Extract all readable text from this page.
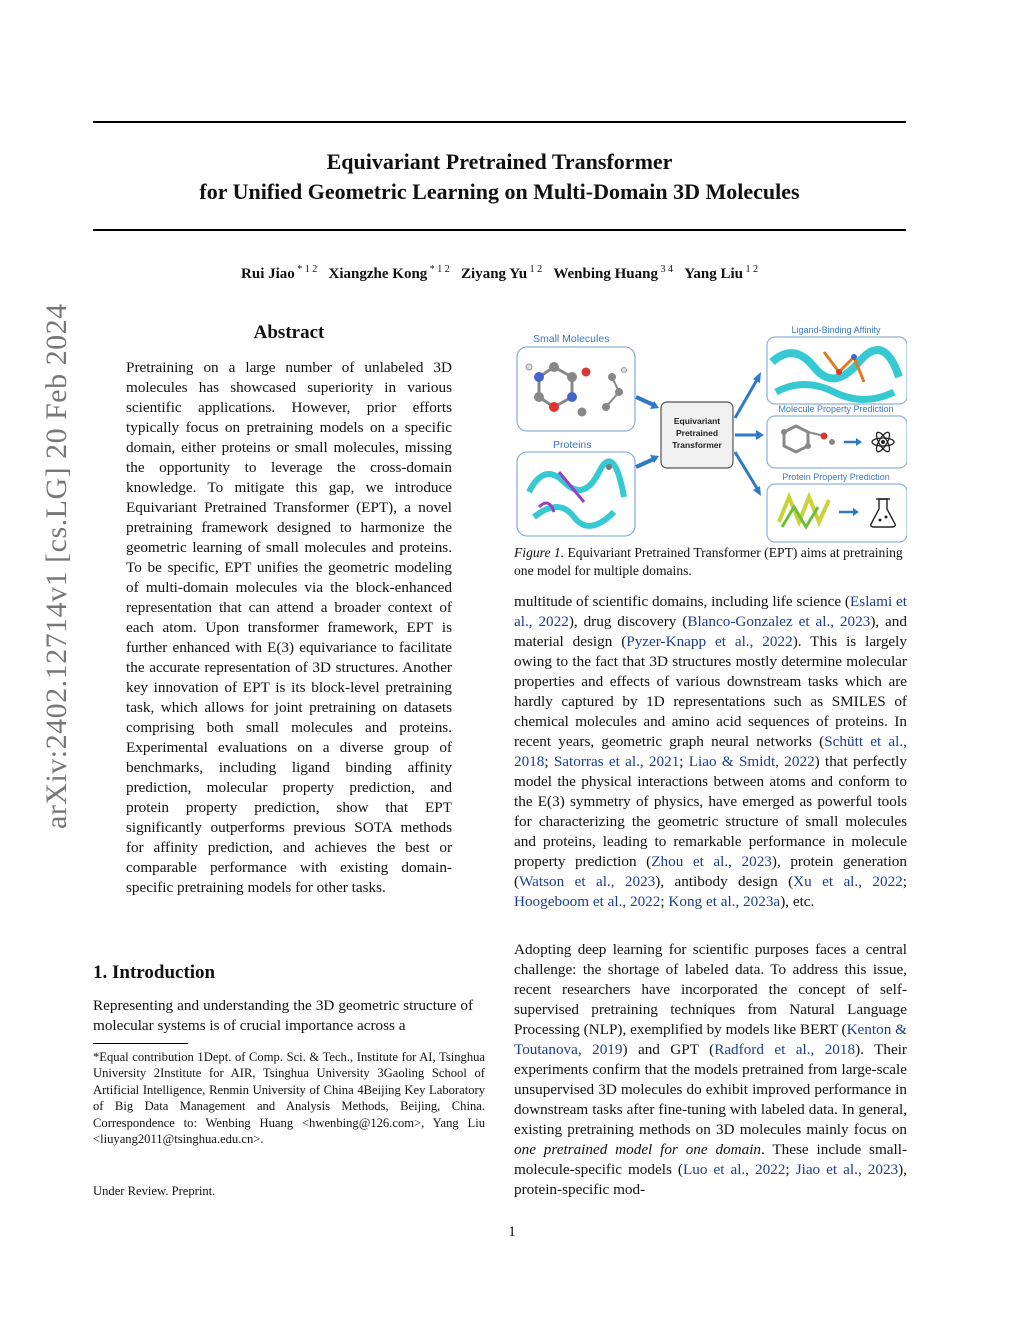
arXiv:2402.12714v1 [cs.LG] 20 Feb 2024
Equivariant Pretrained Transformer
for Unified Geometric Learning on Multi-Domain 3D Molecules
Rui Jiao $^{* 1 2}$ Xiangzhe Kong $^{* 1 2}$ Ziyang Yu $^{1 2}$ Wenbing Huang $^{3 4}$ Yang Liu $^{1 2}$
Abstract
Pretraining on a large number of unlabeled 3D molecules has showcased superiority in various scientific applications. However, prior efforts typically focus on pretraining models on a specific domain, either proteins or small molecules, missing the opportunity to leverage the cross-domain knowledge. To mitigate this gap, we introduce Equivariant Pretrained Transformer (EPT), a novel pretraining framework designed to harmonize the geometric learning of small molecules and proteins. To be specific, EPT unifies the geometric modeling of multi-domain molecules via the block-enhanced representation that can attend a broader context of each atom. Upon transformer framework, EPT is further enhanced with E(3) equivariance to facilitate the accurate representation of 3D structures. Another key innovation of EPT is its block-level pretraining task, which allows for joint pretraining on datasets comprising both small molecules and proteins. Experimental evaluations on a diverse group of benchmarks, including ligand binding affinity prediction, molecular property prediction, and protein property prediction, show that EPT significantly outperforms previous SOTA methods for affinity prediction, and achieves the best or comparable performance with existing domain-specific pretraining models for other tasks.
1. Introduction
Representing and understanding the 3D geometric structure of molecular systems is of crucial importance across a
*Equal contribution 1Dept. of Comp. Sci. & Tech., Institute for AI, Tsinghua University 2Institute for AIR, Tsinghua University 3Gaoling School of Artificial Intelligence, Renmin University of China 4Beijing Key Laboratory of Big Data Management and Analysis Methods, Beijing, China. Correspondence to: Wenbing Huang <hwenbing@126.com>, Yang Liu <liuyang2011@tsinghua.edu.cn>.
Under Review. Preprint.
1
Small Molecules
Proteins
Equivariant
Pretrained
Transformer
Ligand-Binding Affinity
Molecule Property Prediction
Protein Property Prediction
Figure 1. Equivariant Pretrained Transformer (EPT) aims at pretraining one model for multiple domains.
multitude of scientific domains, including life science (Eslami et al., 2022), drug discovery (Blanco-Gonzalez et al., 2023), and material design (Pyzer-Knapp et al., 2022). This is largely owing to the fact that 3D structures mostly determine molecular properties and effects of various downstream tasks which are hardly captured by 1D representations such as SMILES of chemical molecules and amino acid sequences of proteins. In recent years, geometric graph neural networks (Schütt et al., 2018; Satorras et al., 2021; Liao & Smidt, 2022) that perfectly model the physical interactions between atoms and conform to the E(3) symmetry of physics, have emerged as powerful tools for characterizing the geometric structure of small molecules and proteins, leading to remarkable performance in molecule property prediction (Zhou et al., 2023), protein generation (Watson et al., 2023), antibody design (Xu et al., 2022; Hoogeboom et al., 2022; Kong et al., 2023a), etc.
Adopting deep learning for scientific purposes faces a central challenge: the shortage of labeled data. To address this issue, recent researchers have incorporated the concept of self-supervised pretraining techniques from Natural Language Processing (NLP), exemplified by models like BERT (Kenton & Toutanova, 2019) and GPT (Radford et al., 2018). Their experiments confirm that the models pretrained from large-scale unsupervised 3D molecules do exhibit improved performance in downstream tasks after fine-tuning with labeled data. In general, existing pretraining methods on 3D molecules mainly focus on one pretrained model for one domain. These include small-molecule-specific models (Luo et al., 2022; Jiao et al., 2023), protein-specific mod-
